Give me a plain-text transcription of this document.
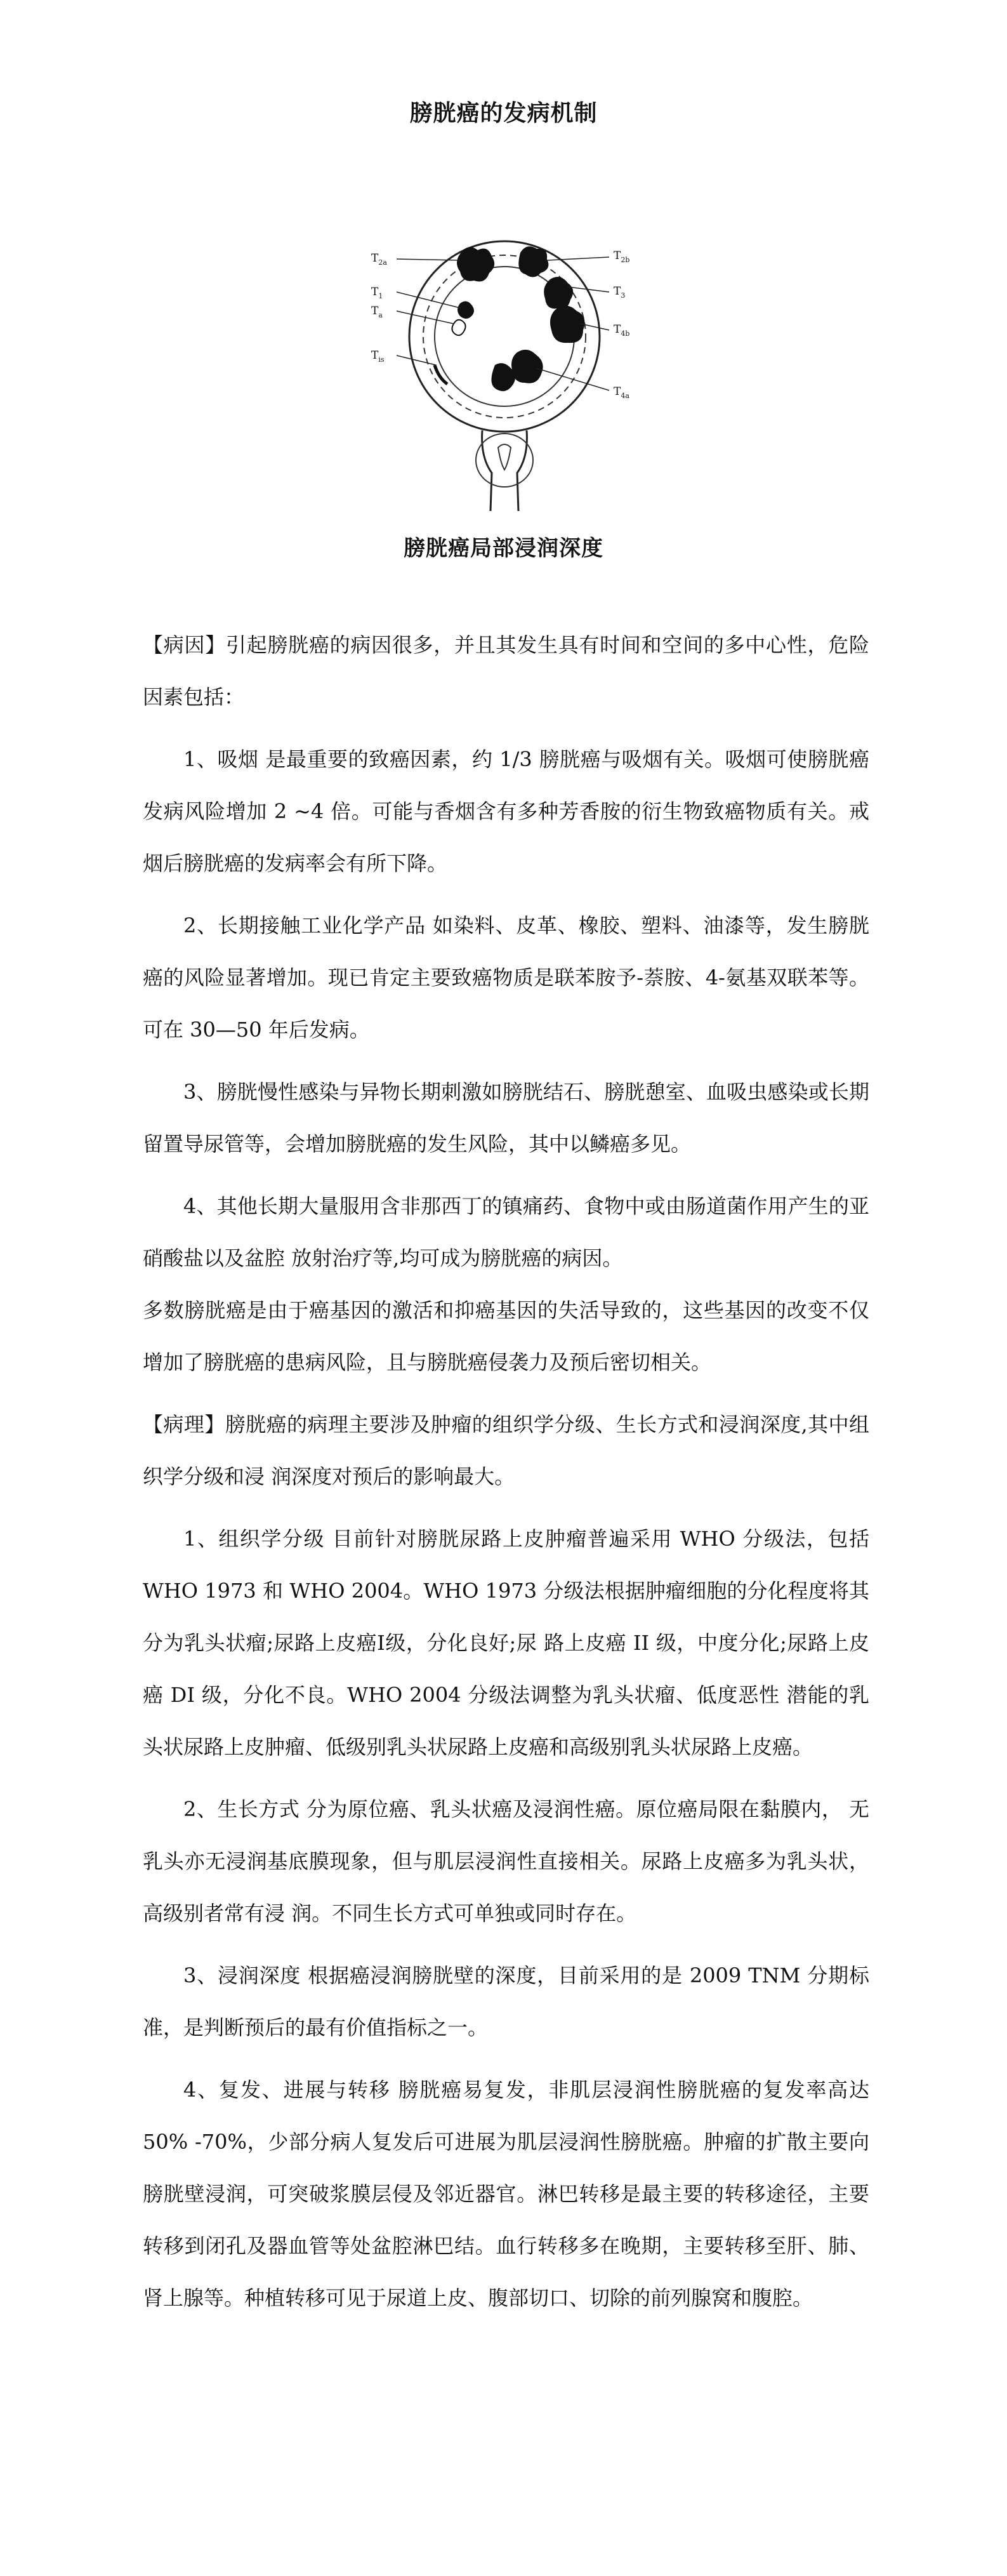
膀胱癌的发病机制
$T_{2a}$
$T_1$
$T_a$
$T_{is}$
$T_{2b}$
$T_3$
$T_{4b}$
$T_{4a}$
膀胱癌局部浸润深度

【病因】引起膀胱癌的病因很多，并且其发生具有时间和空间的多中心性，危险因素包括：

1、吸烟 是最重要的致癌因素，约 1/3 膀胱癌与吸烟有关。吸烟可使膀胱癌发病风险增加 2 ~4 倍。可能与香烟含有多种芳香胺的衍生物致癌物质有关。戒烟后膀胱癌的发病率会有所下降。

2、长期接触工业化学产品 如染料、皮革、橡胶、塑料、油漆等，发生膀胱癌的风险显著增加。现已肯定主要致癌物质是联苯胺予-萘胺、4-氨基双联苯等。可在 30—50 年后发病。

3、膀胱慢性感染与异物长期刺激如膀胱结石、膀胱憩室、血吸虫感染或长期留置导尿管等，会增加膀胱癌的发生风险，其中以鳞癌多见。

4、其他长期大量服用含非那西丁的镇痛药、食物中或由肠道菌作用产生的亚硝酸盐以及盆腔 放射治疗等,均可成为膀胱癌的病因。

多数膀胱癌是由于癌基因的激活和抑癌基因的失活导致的，这些基因的改变不仅增加了膀胱癌的患病风险，且与膀胱癌侵袭力及预后密切相关。

【病理】膀胱癌的病理主要涉及肿瘤的组织学分级、生长方式和浸润深度,其中组织学分级和浸 润深度对预后的影响最大。

1、组织学分级 目前针对膀胱尿路上皮肿瘤普遍采用 WHO 分级法，包括 WHO 1973 和 WHO 2004。WHO 1973 分级法根据肿瘤细胞的分化程度将其分为乳头状瘤;尿路上皮癌Ⅰ级，分化良好;尿 路上皮癌 II 级，中度分化;尿路上皮癌 DI 级，分化不良。WHO 2004 分级法调整为乳头状瘤、低度恶性 潜能的乳头状尿路上皮肿瘤、低级别乳头状尿路上皮癌和高级别乳头状尿路上皮癌。

2、生长方式 分为原位癌、乳头状癌及浸润性癌。原位癌局限在黏膜内， 无乳头亦无浸润基底膜现象，但与肌层浸润性直接相关。尿路上皮癌多为乳头状，高级别者常有浸 润。不同生长方式可单独或同时存在。

3、浸润深度 根据癌浸润膀胱壁的深度，目前采用的是 2009 TNM 分期标准，是判断预后的最有价值指标之一。

4、复发、进展与转移 膀胱癌易复发，非肌层浸润性膀胱癌的复发率高达 50% -70%，少部分病人复发后可进展为肌层浸润性膀胱癌。肿瘤的扩散主要向膀胱壁浸润，可突破浆膜层侵及邻近器官。淋巴转移是最主要的转移途径，主要转移到闭孔及器血管等处盆腔淋巴结。血行转移多在晚期，主要转移至肝、肺、肾上腺等。种植转移可见于尿道上皮、腹部切口、切除的前列腺窝和腹腔。
